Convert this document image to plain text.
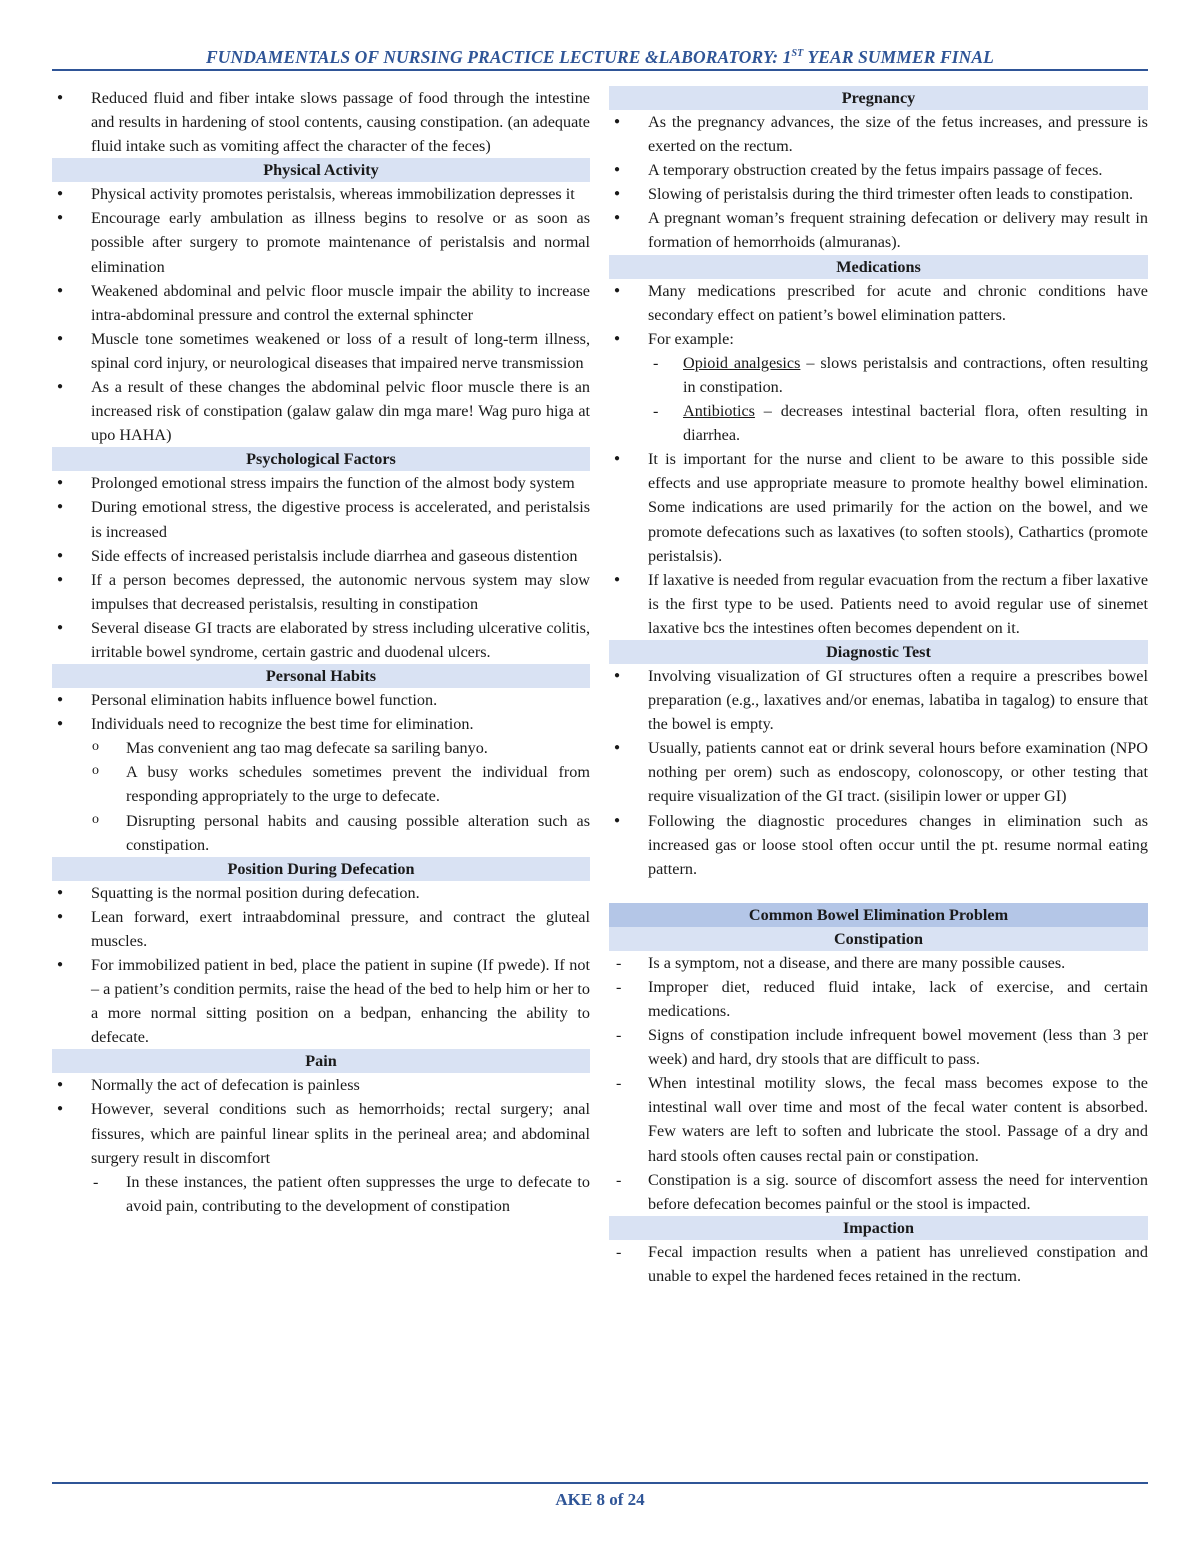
FUNDAMENTALS OF NURSING PRACTICE LECTURE &LABORATORY: 1ST YEAR SUMMER FINAL
● Reduced fluid and fiber intake slows passage of food through the intestine and results in hardening of stool contents, causing constipation. (an adequate fluid intake such as vomiting affect the character of the feces)
Physical Activity
● Physical activity promotes peristalsis, whereas immobilization depresses it
● Encourage early ambulation as illness begins to resolve or as soon as possible after surgery to promote maintenance of peristalsis and normal elimination
● Weakened abdominal and pelvic floor muscle impair the ability to increase intra-abdominal pressure and control the external sphincter
● Muscle tone sometimes weakened or loss of a result of long-term illness, spinal cord injury, or neurological diseases that impaired nerve transmission
● As a result of these changes the abdominal pelvic floor muscle there is an increased risk of constipation (galaw galaw din mga mare! Wag puro higa at upo HAHA)
Psychological Factors
● Prolonged emotional stress impairs the function of the almost body system
● During emotional stress, the digestive process is accelerated, and peristalsis is increased
● Side effects of increased peristalsis include diarrhea and gaseous distention
● If a person becomes depressed, the autonomic nervous system may slow impulses that decreased peristalsis, resulting in constipation
● Several disease GI tracts are elaborated by stress including ulcerative colitis, irritable bowel syndrome, certain gastric and duodenal ulcers.
Personal Habits
● Personal elimination habits influence bowel function.
● Individuals need to recognize the best time for elimination.
o Mas convenient ang tao mag defecate sa sariling banyo.
o A busy works schedules sometimes prevent the individual from responding appropriately to the urge to defecate.
o Disrupting personal habits and causing possible alteration such as constipation.
Position During Defecation
● Squatting is the normal position during defecation.
● Lean forward, exert intraabdominal pressure, and contract the gluteal muscles.
● For immobilized patient in bed, place the patient in supine (If pwede). If not – a patient’s condition permits, raise the head of the bed to help him or her to a more normal sitting position on a bedpan, enhancing the ability to defecate.
Pain
● Normally the act of defecation is painless
● However, several conditions such as hemorrhoids; rectal surgery; anal fissures, which are painful linear splits in the perineal area; and abdominal surgery result in discomfort
- In these instances, the patient often suppresses the urge to defecate to avoid pain, contributing to the development of constipation
Pregnancy
● As the pregnancy advances, the size of the fetus increases, and pressure is exerted on the rectum.
● A temporary obstruction created by the fetus impairs passage of feces.
● Slowing of peristalsis during the third trimester often leads to constipation.
● A pregnant woman’s frequent straining defecation or delivery may result in formation of hemorrhoids (almuranas).
Medications
● Many medications prescribed for acute and chronic conditions have secondary effect on patient’s bowel elimination patters.
● For example:
- Opioid analgesics – slows peristalsis and contractions, often resulting in constipation.
- Antibiotics – decreases intestinal bacterial flora, often resulting in diarrhea.
● It is important for the nurse and client to be aware to this possible side effects and use appropriate measure to promote healthy bowel elimination. Some indications are used primarily for the action on the bowel, and we promote defecations such as laxatives (to soften stools), Cathartics (promote peristalsis).
● If laxative is needed from regular evacuation from the rectum a fiber laxative is the first type to be used. Patients need to avoid regular use of sinemet laxative bcs the intestines often becomes dependent on it.
Diagnostic Test
● Involving visualization of GI structures often a require a prescribes bowel preparation (e.g., laxatives and/or enemas, labatiba in tagalog) to ensure that the bowel is empty.
● Usually, patients cannot eat or drink several hours before examination (NPO nothing per orem) such as endoscopy, colonoscopy, or other testing that require visualization of the GI tract. (sisilipin lower or upper GI)
● Following the diagnostic procedures changes in elimination such as increased gas or loose stool often occur until the pt. resume normal eating pattern.
Common Bowel Elimination Problem
Constipation
- Is a symptom, not a disease, and there are many possible causes.
- Improper diet, reduced fluid intake, lack of exercise, and certain medications.
- Signs of constipation include infrequent bowel movement (less than 3 per week) and hard, dry stools that are difficult to pass.
- When intestinal motility slows, the fecal mass becomes expose to the intestinal wall over time and most of the fecal water content is absorbed. Few waters are left to soften and lubricate the stool. Passage of a dry and hard stools often causes rectal pain or constipation.
- Constipation is a sig. source of discomfort assess the need for intervention before defecation becomes painful or the stool is impacted.
Impaction
- Fecal impaction results when a patient has unrelieved constipation and unable to expel the hardened feces retained in the rectum.
AKE 8 of 24
